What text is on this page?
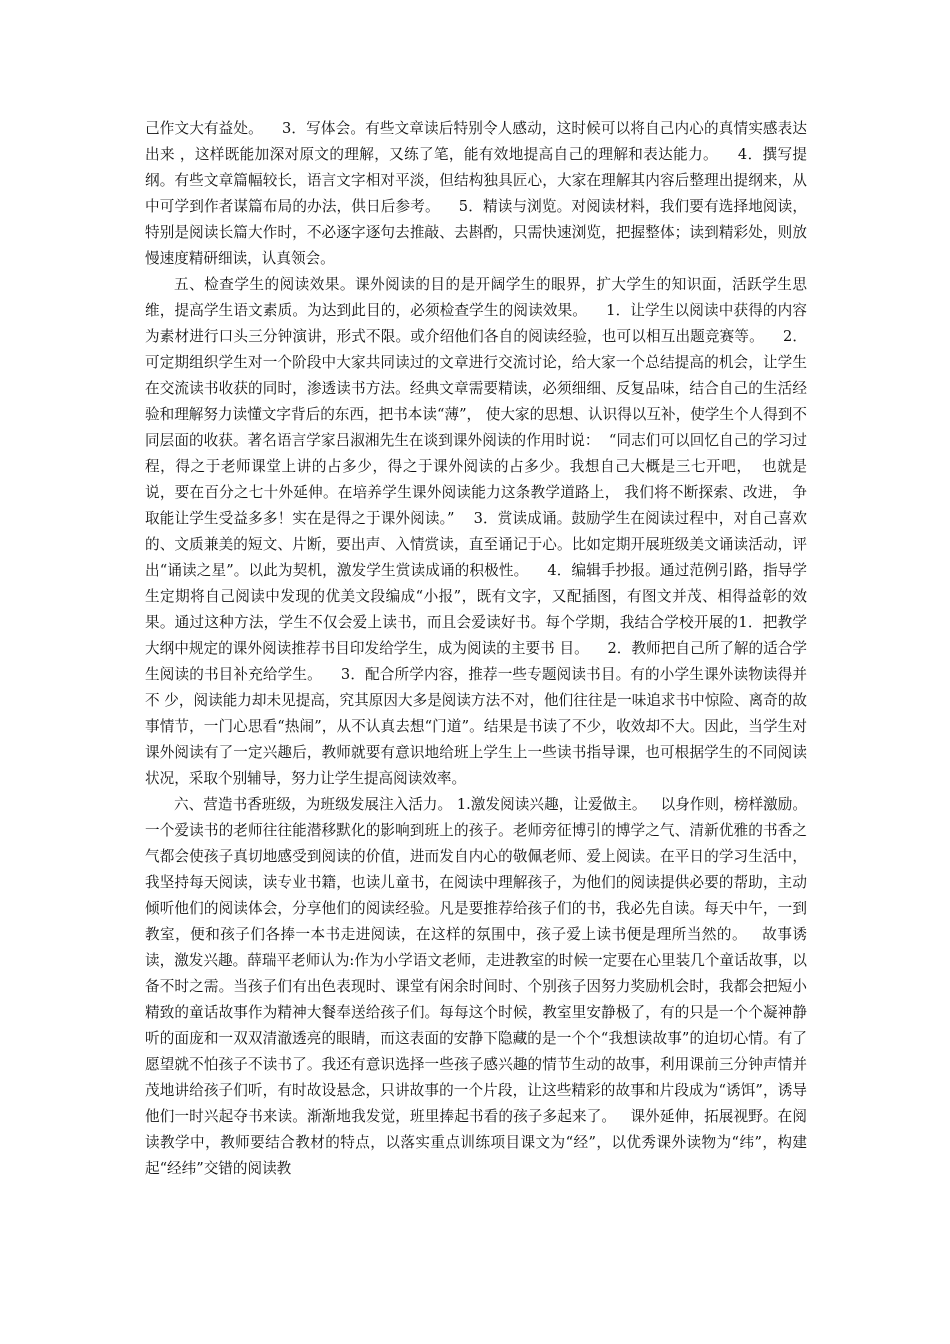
己作文大有益处。    3．写体会。有些文章读后特别令人感动，这时候可以将自己内心的真情实感表达出来 ，这样既能加深对原文的理解，又练了笔，能有效地提高自己的理解和表达能力。    4．撰写提纲。有些文章篇幅较长，语言文字相对平淡，但结构独具匠心，大家在理解其内容后整理出提纲来，从中可学到作者谋篇布局的办法，供日后参考。    5．精读与浏览。对阅读材料，我们要有选择地阅读，特别是阅读长篇大作时，不必逐字逐句去推敲、去斟酌，只需快速浏览，把握整体；读到精彩处，则放慢速度精研细读，认真领会。

五、检查学生的阅读效果。课外阅读的目的是开阔学生的眼界，扩大学生的知识面，活跃学生思维，提高学生语文素质。为达到此目的，必须检查学生的阅读效果。    1．让学生以阅读中获得的内容为素材进行口头三分钟演讲，形式不限。或介绍他们各自的阅读经验，也可以相互出题竞赛等。    2．可定期组织学生对一个阶段中大家共同读过的文章进行交流讨论，给大家一个总结提高的机会，让学生在交流读书收获的同时，渗透读书方法。经典文章需要精读，必须细细、反复品味，结合自己的生活经验和理解努力读懂文字背后的东西，把书本读“薄”， 使大家的思想、认识得以互补，使学生个人得到不同层面的收获。著名语言学家吕淑湘先生在谈到课外阅读的作用时说：  “同志们可以回忆自己的学习过程，得之于老师课堂上讲的占多少，得之于课外阅读的占多少。我想自己大概是三七开吧，  也就是说，要在百分之七十外延伸。在培养学生课外阅读能力这条教学道路上， 我们将不断探索、改进， 争取能让学生受益多多！实在是得之于课外阅读。”    3．赏读成诵。鼓励学生在阅读过程中，对自己喜欢的、文质兼美的短文、片断，要出声、入情赏读，直至诵记于心。比如定期开展班级美文诵读活动，评出“诵读之星”。以此为契机，激发学生赏读成诵的积极性。    4．编辑手抄报。通过范例引路，指导学生定期将自己阅读中发现的优美文段编成“小报”，既有文字，又配插图，有图文并茂、相得益彰的效果。通过这种方法，学生不仅会爱上读书，而且会爱读好书。每个学期，我结合学校开展的1．把教学大纲中规定的课外阅读推荐书目印发给学生，成为阅读的主要书 目。    2．教师把自己所了解的适合学生阅读的书目补充给学生。    3．配合所学内容，推荐一些专题阅读书目。有的小学生课外读物读得并不 少，阅读能力却未见提高，究其原因大多是阅读方法不对，他们往往是一味追求书中惊险、离奇的故事情节，一门心思看“热闹”，从不认真去想“门道”。结果是书读了不少，收效却不大。因此，当学生对课外阅读有了一定兴趣后，教师就要有意识地给班上学生上一些读书指导课，也可根据学生的不同阅读状况，采取个别辅导，努力让学生提高阅读效率。

六、营造书香班级，为班级发展注入活力。 1.激发阅读兴趣，让爱做主。   以身作则，榜样激励。一个爱读书的老师往往能潜移默化的影响到班上的孩子。老师旁征博引的博学之气、清新优雅的书香之气都会使孩子真切地感受到阅读的价值，进而发自内心的敬佩老师、爱上阅读。在平日的学习生活中，我坚持每天阅读，读专业书籍，也读儿童书，在阅读中理解孩子，为他们的阅读提供必要的帮助，主动倾听他们的阅读体会，分享他们的阅读经验。凡是要推荐给孩子们的书，我必先自读。每天中午，一到教室，便和孩子们各捧一本书走进阅读，在这样的氛围中，孩子爱上读书便是理所当然的。   故事诱读，激发兴趣。薛瑞平老师认为:作为小学语文老师，走进教室的时候一定要在心里装几个童话故事，以备不时之需。当孩子们有出色表现时、课堂有闲余时间时、个别孩子因努力奖励机会时，我都会把短小精致的童话故事作为精神大餐奉送给孩子们。每每这个时候，教室里安静极了，有的只是一个个凝神静听的面庞和一双双清澈透亮的眼睛，而这表面的安静下隐藏的是一个个“我想读故事”的迫切心情。有了愿望就不怕孩子不读书了。我还有意识选择一些孩子感兴趣的情节生动的故事，利用课前三分钟声情并茂地讲给孩子们听，有时故设悬念，只讲故事的一个片段，让这些精彩的故事和片段成为“诱饵”，诱导他们一时兴起夺书来读。渐渐地我发觉，班里捧起书看的孩子多起来了。   课外延伸，拓展视野。在阅读教学中，教师要结合教材的特点，以落实重点训练项目课文为“经”，以优秀课外读物为“纬”，构建起“经纬”交错的阅读教
